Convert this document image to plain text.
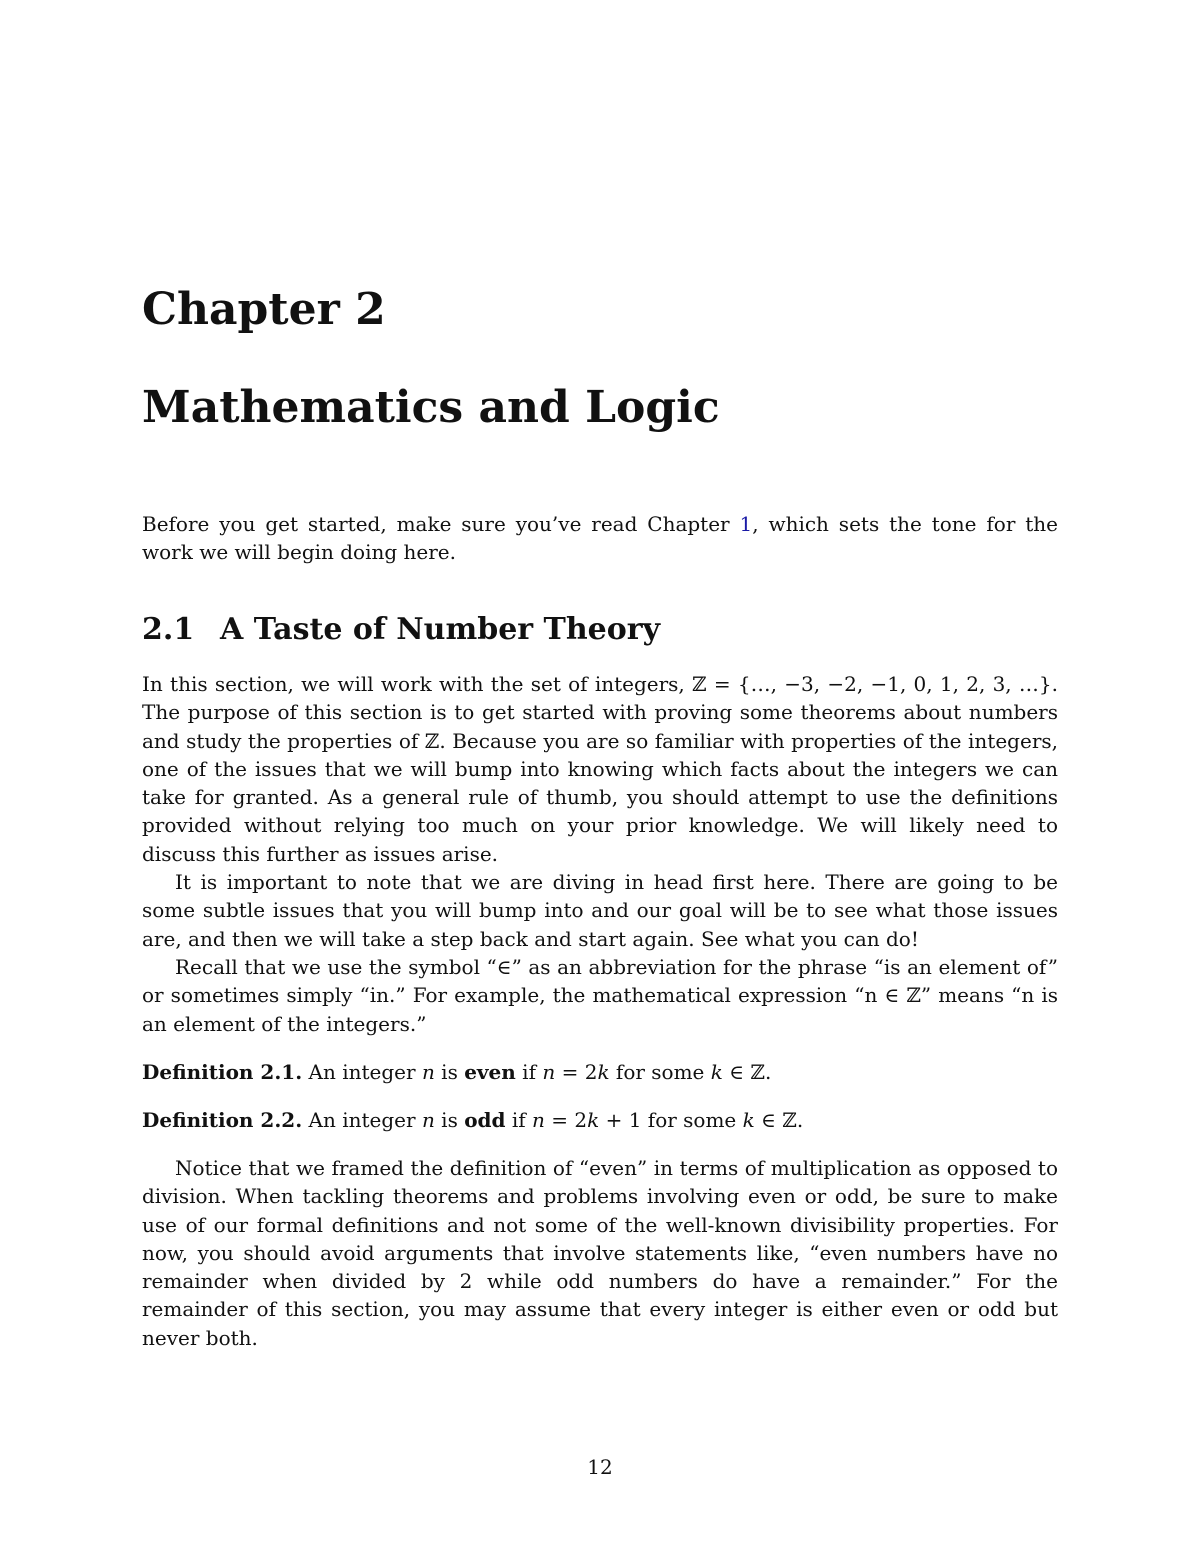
Chapter 2
Mathematics and Logic

Before you get started, make sure you’ve read Chapter 1, which sets the tone for the work we will begin doing here.

2.1 A Taste of Number Theory

In this section, we will work with the set of integers, ℤ = {…, −3, −2, −1, 0, 1, 2, 3, …}. The purpose of this section is to get started with proving some theorems about numbers and study the properties of ℤ. Because you are so familiar with properties of the integers, one of the issues that we will bump into knowing which facts about the integers we can take for granted. As a general rule of thumb, you should attempt to use the definitions provided without relying too much on your prior knowledge. We will likely need to discuss this further as issues arise.

It is important to note that we are diving in head first here. There are going to be some subtle issues that you will bump into and our goal will be to see what those issues are, and then we will take a step back and start again. See what you can do!

Recall that we use the symbol “∈” as an abbreviation for the phrase “is an element of” or sometimes simply “in.” For example, the mathematical expression “n ∈ ℤ” means “n is an element of the integers.”

Definition 2.1. An integer n is even if n = 2k for some k ∈ ℤ.

Definition 2.2. An integer n is odd if n = 2k + 1 for some k ∈ ℤ.

Notice that we framed the definition of “even” in terms of multiplication as opposed to division. When tackling theorems and problems involving even or odd, be sure to make use of our formal definitions and not some of the well-known divisibility properties. For now, you should avoid arguments that involve statements like, “even numbers have no remainder when divided by 2 while odd numbers do have a remainder.” For the remainder of this section, you may assume that every integer is either even or odd but never both.

12
